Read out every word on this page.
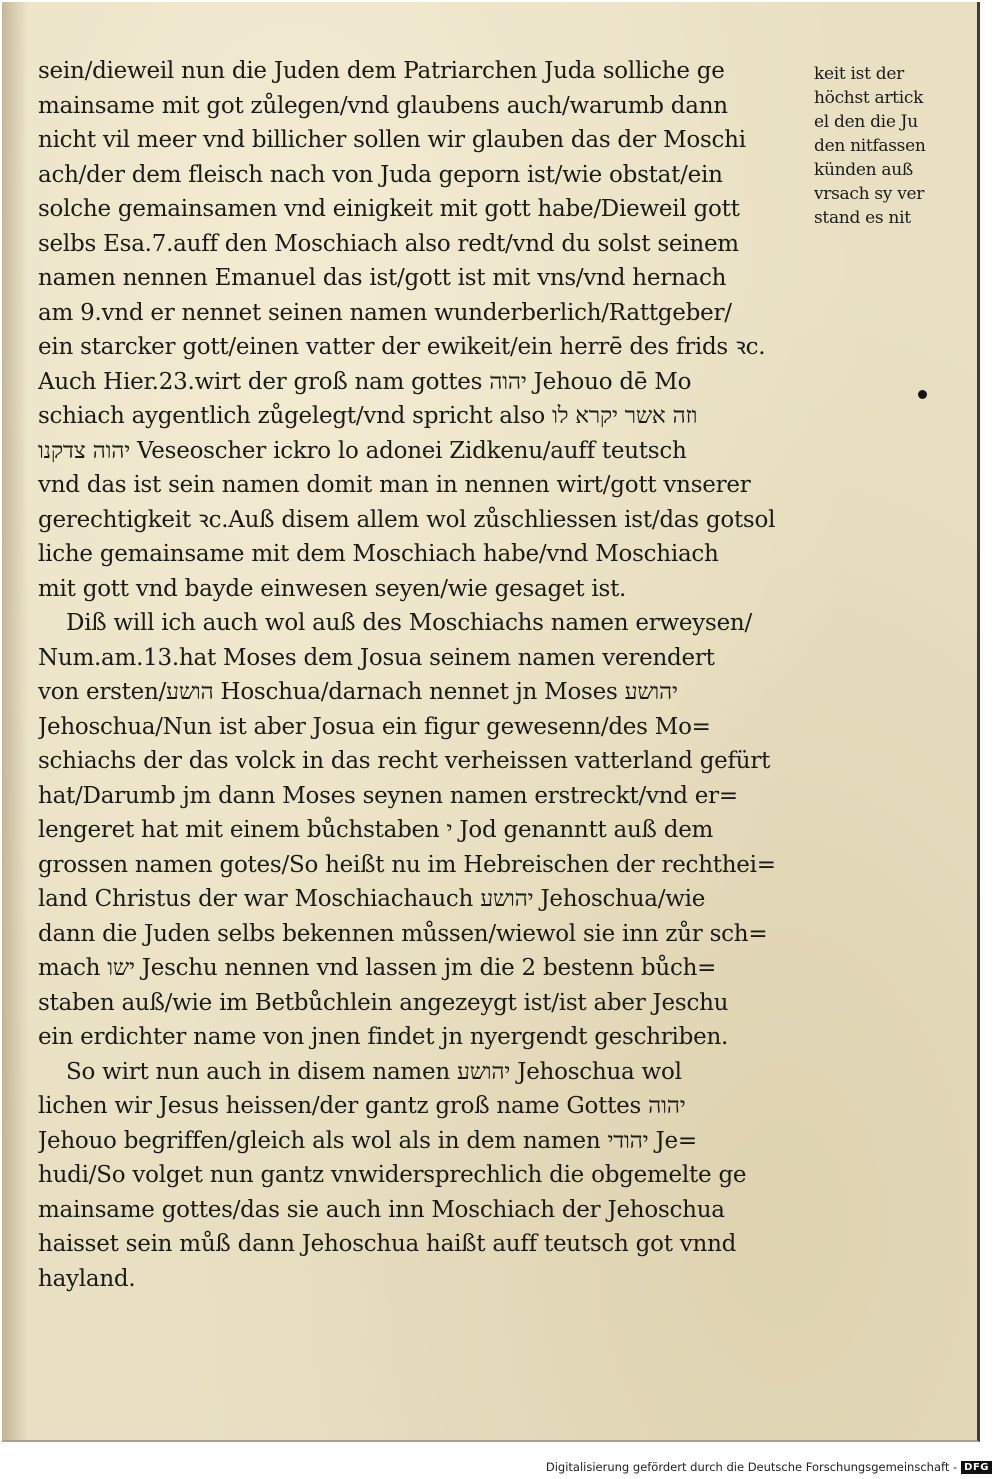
sein/dieweil nun die Juden dem Patriarchen Juda solliche ge
mainsame mit got zůlegen/vnd glaubens auch/warumb dann
nicht vil meer vnd billicher sollen wir glauben das der Moschi
ach/der dem fleisch nach von Juda geporn ist/wie obstat/ein
solche gemainsamen vnd einigkeit mit gott habe/Dieweil gott
selbs Esa.7.auff den Moschiach also redt/vnd du solst seinem
namen nennen Emanuel das ist/gott ist mit vns/vnd hernach
am 9.vnd er nennet seinen namen wunderberlich/Rattgeber/
ein starcker gott/einen vatter der ewikeit/ein herrē des frids ꝛc.
Auch Hier.23.wirt der groß nam gottes יהוה Jehouo dē Mo
schiach aygentlich zůgelegt/vnd spricht also וזה אשר יקרא לו
יהוה צדקנו Veseoscher ickro lo adonei Zidkenu/auff teutsch
vnd das ist sein namen domit man in nennen wirt/gott vnserer
gerechtigkeit ꝛc.Auß disem allem wol zůschliessen ist/das gotsol
liche gemainsame mit dem Moschiach habe/vnd Moschiach
mit gott vnd bayde einwesen seyen/wie gesaget ist.
Diß will ich auch wol auß des Moschiachs namen erweysen/
Num.am.13.hat Moses dem Josua seinem namen verendert
von ersten/הושע Hoschua/darnach nennet jn Moses יהושע
Jehoschua/Nun ist aber Josua ein figur gewesenn/des Mo=
schiachs der das volck in das recht verheissen vatterland gefürt
hat/Darumb jm dann Moses seynen namen erstreckt/vnd er=
lengeret hat mit einem bůchstaben י Jod genanntt auß dem
grossen namen gotes/So heißt nu im Hebreischen der rechthei=
land Christus der war Moschiachauch יהושע Jehoschua/wie
dann die Juden selbs bekennen můssen/wiewol sie inn zůr sch=
mach ישו Jeschu nennen vnd lassen jm die 2 bestenn bůch=
staben auß/wie im Betbůchlein angezeygt ist/ist aber Jeschu
ein erdichter name von jnen findet jn nyergendt geschriben.
So wirt nun auch in disem namen יהושע Jehoschua wol
lichen wir Jesus heissen/der gantz groß name Gottes יהוה
Jehouo begriffen/gleich als wol als in dem namen יהודי Je=
hudi/So volget nun gantz vnwidersprechlich die obgemelte ge
mainsame gottes/das sie auch inn Moschiach der Jehoschua
haisset sein můß dann Jehoschua haißt auff teutsch got vnnd
hayland.
keit ist der
höchst artick
el den die Ju
den nitfassen
künden auß
vrsach sy ver
stand es nit
Digitalisierung gefördert durch die Deutsche Forschungsgemeinschaft - DFG
